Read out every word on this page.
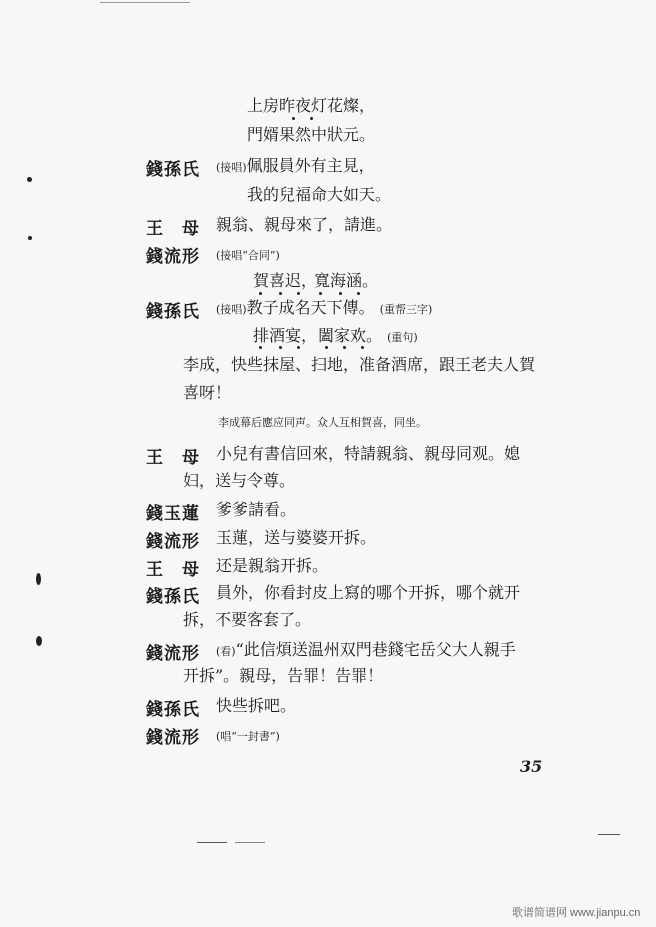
上房昨夜灯花燦，
門婿果然中狀元。
錢孫氏 (接唱)佩服員外有主見，
我的兒福命大如天。
王　母 親翁、親母來了，請進。
錢流形 (接唱“合同”)
賀喜迟，
寬海涵。
錢孫氏 (接唱)教子成名天下傳。 (重帮三字)
排酒宴， 闔家欢。 (重句)
李成，快些抹屋、扫地，准备酒席，跟王老夫人賀
喜呀！
李成幕后應应同声。众人互相賀喜，同坐。
王　母 小兒有書信回來，特請親翁、親母同观。媳
妇，送与令尊。
錢玉蓮 爹爹請看。
錢流形 玉蓮，送与婆婆开拆。
王　母 还是親翁开拆。
錢孫氏 員外，你看封皮上寫的哪个开拆，哪个就开
拆，不要客套了。
錢流形 (看)“此信煩送温州双門巷錢宅岳父大人親手
开拆”。親母，告罪！告罪！
錢孫氏 快些拆吧。
錢流形 (唱“一封書”)
35
歌谱简谱网 www.jianpu.cn
